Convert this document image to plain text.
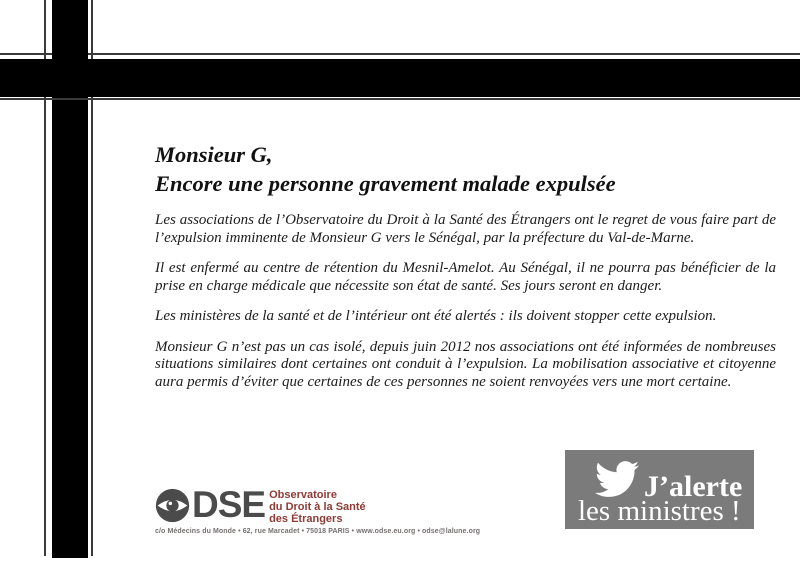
Monsieur G,
Encore une personne gravement malade expulsée

Les associations de l’Observatoire du Droit à la Santé des Étrangers ont le regret de vous faire part de l’expulsion imminente de Monsieur G vers le Sénégal, par la préfecture du Val-de-Marne.

Il est enfermé au centre de rétention du Mesnil-Amelot. Au Sénégal, il ne pourra pas bénéficier de la prise en charge médicale que nécessite son état de santé. Ses jours seront en danger.

Les ministères de la santé et de l’intérieur ont été alertés : ils doivent stopper cette expulsion.

Monsieur G n’est pas un cas isolé, depuis juin 2012 nos associations ont été informées de nombreuses situations similaires dont certaines ont conduit à l’expulsion. La mobilisation associative et citoyenne aura permis d’éviter que certaines de ces personnes ne soient renvoyées vers une mort certaine.

DSE Observatoire
du Droit à la Santé
des Étrangers
c/o Médecins du Monde • 62, rue Marcadet • 75018 PARIS • www.odse.eu.org • odse@lalune.org
J’alerte
les ministres !
